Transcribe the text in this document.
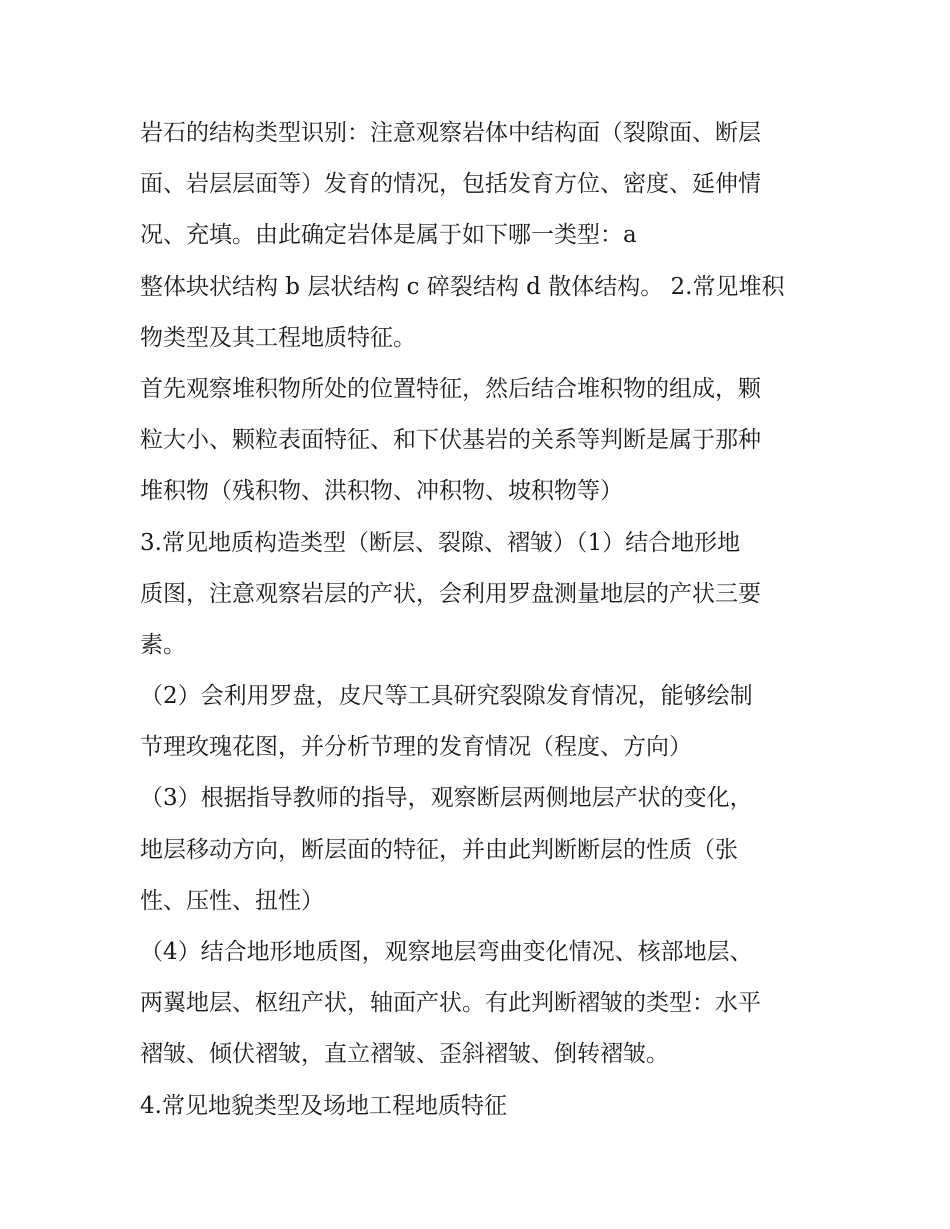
岩石的结构类型识别：注意观察岩体中结构面（裂隙面、断层
面、岩层层面等）发育的情况，包括发育方位、密度、延伸情
况、充填。由此确定岩体是属于如下哪一类型：a
整体块状结构 b 层状结构 c 碎裂结构 d 散体结构。 2.常见堆积
物类型及其工程地质特征。
首先观察堆积物所处的位置特征，然后结合堆积物的组成，颗
粒大小、颗粒表面特征、和下伏基岩的关系等判断是属于那种
堆积物（残积物、洪积物、冲积物、坡积物等）
3.常见地质构造类型（断层、裂隙、褶皱）（1）结合地形地
质图，注意观察岩层的产状，会利用罗盘测量地层的产状三要
素。
（2）会利用罗盘，皮尺等工具研究裂隙发育情况，能够绘制
节理玫瑰花图，并分析节理的发育情况（程度、方向）
（3）根据指导教师的指导，观察断层两侧地层产状的变化，
地层移动方向，断层面的特征，并由此判断断层的性质（张
性、压性、扭性）
（4）结合地形地质图，观察地层弯曲变化情况、核部地层、
两翼地层、枢纽产状，轴面产状。有此判断褶皱的类型：水平
褶皱、倾伏褶皱，直立褶皱、歪斜褶皱、倒转褶皱。
4.常见地貌类型及场地工程地质特征
